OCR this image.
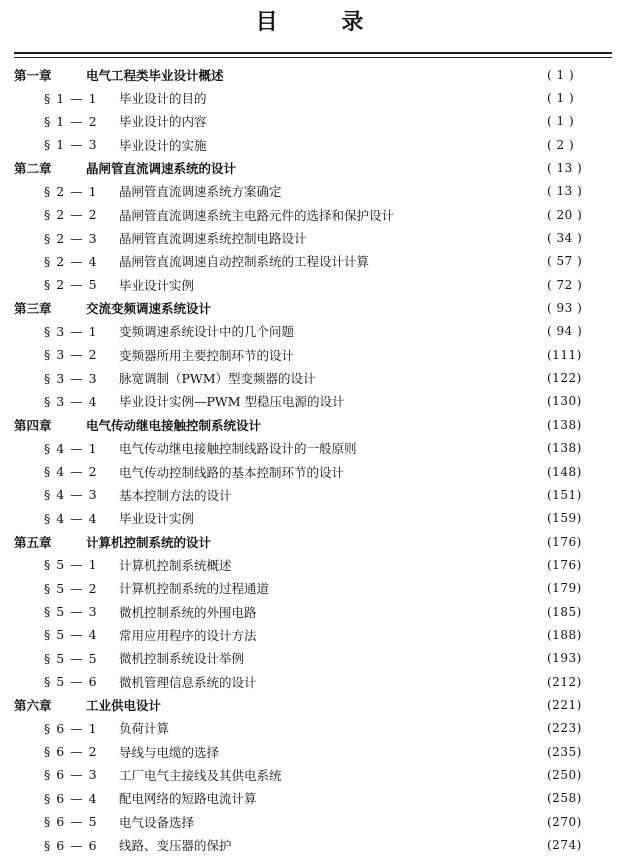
目 录
第一章	电气工程类毕业设计概述	( 1 )
§ 1 — 1	毕业设计的目的	( 1 )
§ 1 — 2	毕业设计的内容	( 1 )
§ 1 — 3	毕业设计的实施	( 2 )
第二章	晶闸管直流调速系统的设计	( 13 )
§ 2 — 1	晶闸管直流调速系统方案确定	( 13 )
§ 2 — 2	晶闸管直流调速系统主电路元件的选择和保护设计	( 20 )
§ 2 — 3	晶闸管直流调速系统控制电路设计	( 34 )
§ 2 — 4	晶闸管直流调速自动控制系统的工程设计计算	( 57 )
§ 2 — 5	毕业设计实例	( 72 )
第三章	交流变频调速系统设计	( 93 )
§ 3 — 1	变频调速系统设计中的几个问题	( 94 )
§ 3 — 2	变频器所用主要控制环节的设计	(111)
§ 3 — 3	脉宽调制（PWM）型变频器的设计	(122)
§ 3 — 4	毕业设计实例—PWM 型稳压电源的设计	(130)
第四章	电气传动继电接触控制系统设计	(138)
§ 4 — 1	电气传动继电接触控制线路设计的一般原则	(138)
§ 4 — 2	电气传动控制线路的基本控制环节的设计	(148)
§ 4 — 3	基本控制方法的设计	(151)
§ 4 — 4	毕业设计实例	(159)
第五章	计算机控制系统的设计	(176)
§ 5 — 1	计算机控制系统概述	(176)
§ 5 — 2	计算机控制系统的过程通道	(179)
§ 5 — 3	微机控制系统的外围电路	(185)
§ 5 — 4	常用应用程序的设计方法	(188)
§ 5 — 5	微机控制系统设计举例	(193)
§ 5 — 6	微机管理信息系统的设计	(212)
第六章	工业供电设计	(221)
§ 6 — 1	负荷计算	(223)
§ 6 — 2	导线与电缆的选择	(235)
§ 6 — 3	工厂电气主接线及其供电系统	(250)
§ 6 — 4	配电网络的短路电流计算	(258)
§ 6 — 5	电气设备选择	(270)
§ 6 — 6	线路、变压器的保护	(274)
